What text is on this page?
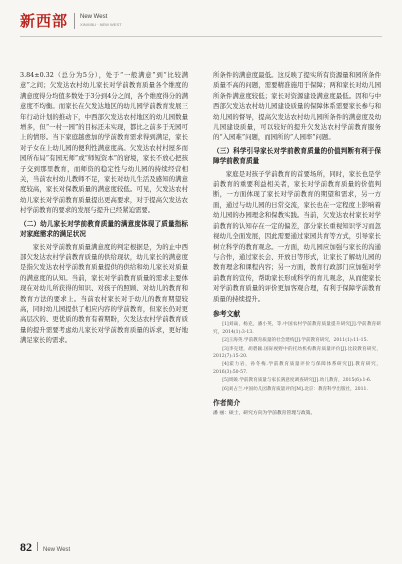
新西部 New West
XINXIBU · NEW WEST

3.84±0.32（总分为5分），处于“一般满意”到“比较满意”之间；欠发达农村幼儿家长对学前教育质量各个维度的满意度得分均值多数处于3分到4分之间，各个维度得分的满意度不均衡。而家长在欠发达地区的幼儿园学前教育发展三年行动计划的推动下，中西部欠发达农村地区的幼儿园数量增多，但“一村一园”的目标还未实现，都比之前多于无园可上的情形。当下家庭越愈加的学前教育需求得到满足，家长对子女在上幼儿园的便利性满意度高。欠发达农村村屋多而园所布局“有园无师”或“师短资本”的窘境，家长不放心把孩子交到那里教育，而师资的稳定性与幼儿园的持续经营相关，当前农村幼儿教师不足，家长对幼儿生活及感知的满意度较高，家长对保教质量的满意度较低。可见，欠发达农村幼儿家长对学前教育质量提出更高要求，对于提高欠发达农村学前教育的要求的发展与提升已经紧迫需要。

（二）幼儿家长对学前教育质量的满意度体现了质量指标对家庭需求的满足状况

家长对学前教育质量满意度的判定根据是，为的止中西部欠发达农村学前教育质量的供给现状，幼儿家长的满意度是指欠发达农村学前教育质量提供的供给和幼儿家长对质量的满意度的认知。当前，家长对学前教育质量的需求主要体现在对幼儿所获得的知识、对孩子的照顾、对幼儿的教育和教育方法的要求上。当前农村家长对于幼儿的教育期望较高，同时幼儿园提供了相应内容的学前教育，但家长仍对更高层次的、更优质的教育有着期盼，欠发达农村学前教育质量的提升需要考虑幼儿家长对学前教育质量的诉求，更好地满足家长的需求。

所条件的满意度最低。这反映了提实所有资源量和园所条件质量不高的问题，需要精准施用于保障；两和家长对幼儿园所条件满意度较低；家长对资源建设满意度最低。因和与中西部欠发达农村幼儿园建设质量的保障体系需要家长参与和幼儿园的督导，提高欠发达农村幼儿园所条件的满意度及幼儿园建设质量，可以较好的提升欠发达农村学前教育服务的“入园难”问题，而园所的“人园率”问题。

（三）科学引导家长对学前教育质量的价值判断有利于保障学前教育质量

家庭是对孩子学前教育的首要场所，同时，家长也是学前教育的重要利益相关者，家长对学前教育质量的价值判断，一方面体现了家长对学前教育的期望和需求，另一方面，通过与幼儿园的日常交流，家长也在一定程度上影响着幼儿园的办园理念和保教实践。当前，欠发达农村家长对学前教育的认知存在一定的偏差，部分家长重视知识学习而忽视幼儿全面发展，因此需要通过家园共育等方式，引导家长树立科学的教育观念。一方面，幼儿园应加强与家长的沟通与合作，通过家长会、开放日等形式，让家长了解幼儿园的教育理念和课程内容；另一方面，教育行政部门应加强对学前教育的宣传，帮助家长形成科学的育儿观念，从而使家长对学前教育质量的评价更加客观合理，有利于保障学前教育质量的持续提升。

参考文献

[1]刘焱，杨克，潘小英，等.中国农村学前教育质量提升研究[J].学前教育研究，2014(1):3-13.

[2]王海英.学前教育质量的社会建构[J].学前教育研究，2011(1):11-15.

[3]李克建，胡碧颖.国际视野中的托幼机构教育质量评价[J].比较教育研究，2012(7):15-20.

[4]霍力岩，孙冬梅.学前教育质量评价与保障体系研究[J].教育研究，2016(3):50-57.

[5]周兢.学前教育质量与家长满意度调查研究[J].幼儿教育，2015(6):1-6.

[6]刘占兰.中国幼儿园教育质量评价[M].北京：教育科学出版社，2011.

作者简介
潘 丽：硕士，研究方向为学前教育管理与政策。
82 New West
